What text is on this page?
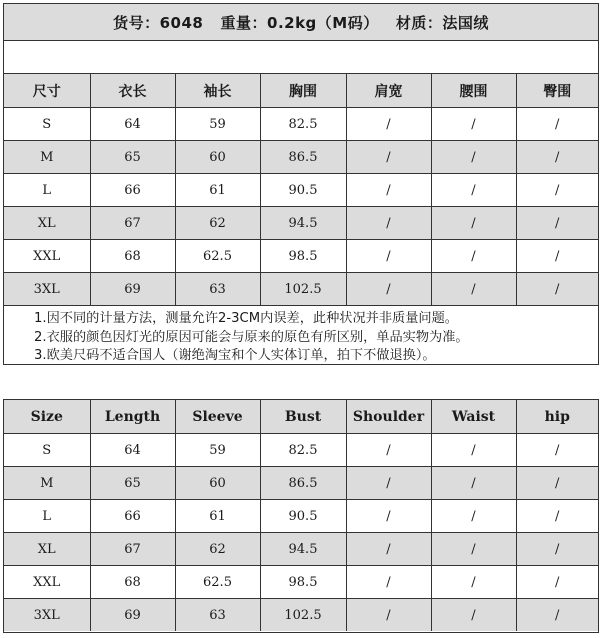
货号：6048   重量：0.2kg（M码）   材质：法国绒
尺寸	衣长	袖长	胸围	肩宽	腰围	臀围
S	64	59	82.5	/	/	/
M	65	60	86.5	/	/	/
L	66	61	90.5	/	/	/
XL	67	62	94.5	/	/	/
XXL	68	62.5	98.5	/	/	/
3XL	69	63	102.5	/	/	/
1.因不同的计量方法，测量允许2-3CM内误差，此种状况并非质量问题。
2.衣服的颜色因灯光的原因可能会与原来的原色有所区别，单品实物为准。
3.欧美尺码不适合国人（谢绝淘宝和个人实体订单，拍下不做退换）。
Size	Length	Sleeve	Bust	Shoulder	Waist	hip
S	64	59	82.5	/	/	/
M	65	60	86.5	/	/	/
L	66	61	90.5	/	/	/
XL	67	62	94.5	/	/	/
XXL	68	62.5	98.5	/	/	/
3XL	69	63	102.5	/	/	/
